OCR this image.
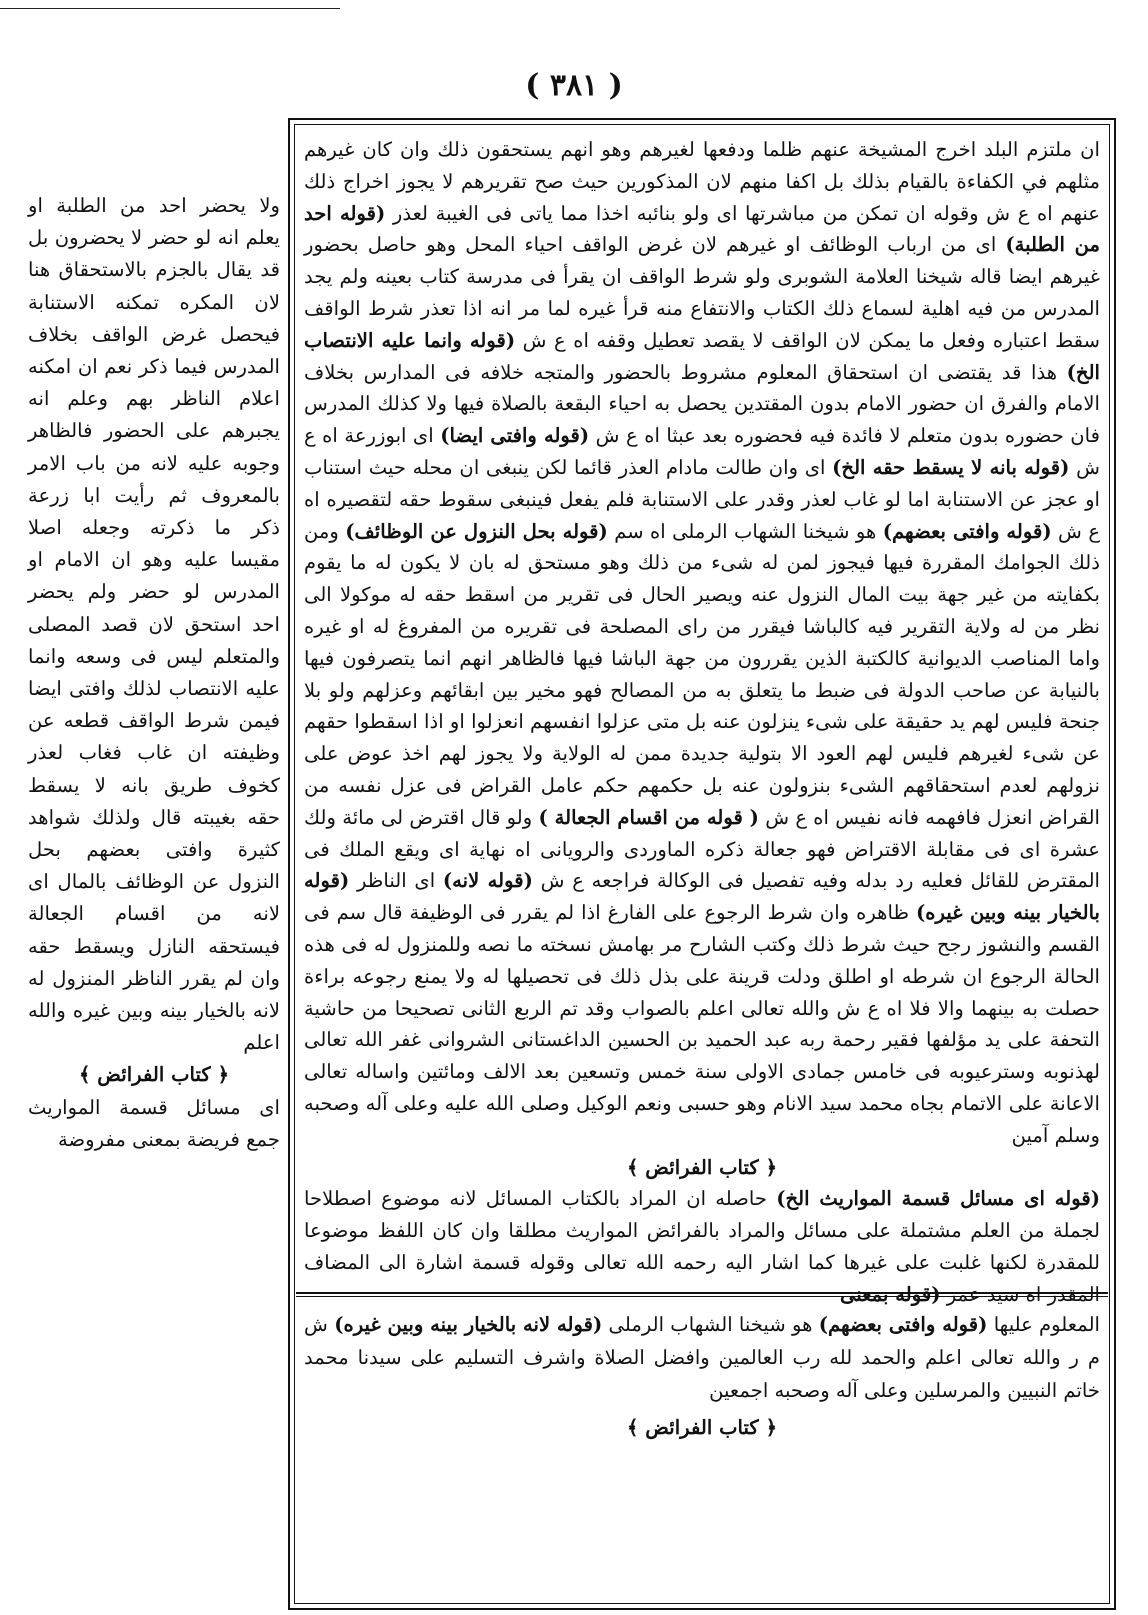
( ٣٨١ )

ولا يحضر احد من الطلبة او يعلم انه لو حضر لا يحضرون بل قد يقال بالجزم بالاستحقاق هنا لان المكره تمكنه الاستنابة فيحصل غرض الواقف بخلاف المدرس فيما ذكر نعم ان امكنه اعلام الناظر بهم وعلم انه يجبرهم على الحضور فالظاهر وجوبه عليه لانه من باب الامر بالمعروف ثم رأيت ابا زرعة ذكر ما ذكرته وجعله اصلا مقيسا عليه وهو ان الامام او المدرس لو حضر ولم يحضر احد استحق لان قصد المصلى والمتعلم ليس فى وسعه وانما عليه الانتصاب لذلك وافتى ايضا فيمن شرط الواقف قطعه عن وظيفته ان غاب فغاب لعذر كخوف طريق بانه لا يسقط حقه بغيبته قال ولذلك شواهد كثيرة وافتى بعضهم بحل النزول عن الوظائف بالمال اى لانه من اقسام الجعالة فيستحقه النازل ويسقط حقه وان لم يقرر الناظر المنزول له لانه بالخيار بينه وبين غيره والله اعلم

﴿ كتاب الفرائض ﴾

اى مسائل قسمة المواريث جمع فريضة بمعنى مفروضة

ان ملتزم البلد اخرج المشيخة عنهم ظلما ودفعها لغيرهم وهو انهم يستحقون ذلك وان كان غيرهم مثلهم في الكفاءة بالقيام بذلك بل اكفا منهم لان المذكورين حيث صح تقريرهم لا يجوز اخراج ذلك عنهم اه ع ش وقوله ان تمكن من مباشرتها اى ولو بنائبه اخذا مما ياتى فى الغيبة لعذر (قوله احد من الطلبة) اى من ارباب الوظائف او غيرهم لان غرض الواقف احياء المحل وهو حاصل بحضور غيرهم ايضا قاله شيخنا العلامة الشوبرى ولو شرط الواقف ان يقرأ فى مدرسة كتاب بعينه ولم يجد المدرس من فيه اهلية لسماع ذلك الكتاب والانتفاع منه قرأ غيره لما مر انه اذا تعذر شرط الواقف سقط اعتباره وفعل ما يمكن لان الواقف لا يقصد تعطيل وقفه اه ع ش (قوله وانما عليه الانتصاب الخ) هذا قد يقتضى ان استحقاق المعلوم مشروط بالحضور والمتجه خلافه فى المدارس بخلاف الامام والفرق ان حضور الامام بدون المقتدين يحصل به احياء البقعة بالصلاة فيها ولا كذلك المدرس فان حضوره بدون متعلم لا فائدة فيه فحضوره بعد عبثا اه ع ش (قوله وافتى ايضا) اى ابوزرعة اه ع ش (قوله بانه لا يسقط حقه الخ) اى وان طالت مادام العذر قائما لكن ينبغى ان محله حيث استناب او عجز عن الاستنابة اما لو غاب لعذر وقدر على الاستنابة فلم يفعل فينبغى سقوط حقه لتقصيره اه ع ش (قوله وافتى بعضهم) هو شيخنا الشهاب الرملى اه سم (قوله بحل النزول عن الوظائف) ومن ذلك الجوامك المقررة فيها فيجوز لمن له شىء من ذلك وهو مستحق له بان لا يكون له ما يقوم بكفايته من غير جهة بيت المال النزول عنه ويصير الحال فى تقرير من اسقط حقه له موكولا الى نظر من له ولاية التقرير فيه كالباشا فيقرر من راى المصلحة فى تقريره من المفروغ له او غيره واما المناصب الديوانية كالكتبة الذين يقررون من جهة الباشا فيها فالظاهر انهم انما يتصرفون فيها بالنيابة عن صاحب الدولة فى ضبط ما يتعلق به من المصالح فهو مخير بين ابقائهم وعزلهم ولو بلا جنحة فليس لهم يد حقيقة على شىء ينزلون عنه بل متى عزلوا انفسهم انعزلوا او اذا اسقطوا حقهم عن شىء لغيرهم فليس لهم العود الا بتولية جديدة ممن له الولاية ولا يجوز لهم اخذ عوض على نزولهم لعدم استحقاقهم الشىء بنزولون عنه بل حكمهم حكم عامل القراض فى عزل نفسه من القراض انعزل فافهمه فانه نفيس اه ع ش ( قوله من اقسام الجعالة ) ولو قال اقترض لى مائة ولك عشرة اى فى مقابلة الاقتراض فهو جعالة ذكره الماوردى والرويانى اه نهاية اى ويقع الملك فى المقترض للقائل فعليه رد بدله وفيه تفصيل فى الوكالة فراجعه ع ش (قوله لانه) اى الناظر (قوله بالخيار بينه وبين غيره) ظاهره وان شرط الرجوع على الفارغ اذا لم يقرر فى الوظيفة قال سم فى القسم والنشوز رجح حيث شرط ذلك وكتب الشارح مر بهامش نسخته ما نصه وللمنزول له فى هذه الحالة الرجوع ان شرطه او اطلق ودلت قرينة على بذل ذلك فى تحصيلها له ولا يمنع رجوعه براءة حصلت به بينهما والا فلا اه ع ش والله تعالى اعلم بالصواب وقد تم الربع الثانى تصحيحا من حاشية التحفة على يد مؤلفها فقير رحمة ربه عبد الحميد بن الحسين الداغستانى الشروانى غفر الله تعالى لهذنوبه وسترعيوبه فى خامس جمادى الاولى سنة خمس وتسعين بعد الالف ومائتين واساله تعالى الاعانة على الاتمام بجاه محمد سيد الانام وهو حسبى ونعم الوكيل وصلى الله عليه وعلى آله وصحبه وسلم آمين

﴿ كتاب الفرائض ﴾

(قوله اى مسائل قسمة المواريث الخ) حاصله ان المراد بالكتاب المسائل لانه موضوع اصطلاحا لجملة من العلم مشتملة على مسائل والمراد بالفرائض المواريث مطلقا وان كان اللفظ موضوعا للمقدرة لكنها غلبت على غيرها كما اشار اليه رحمه الله تعالى وقوله قسمة اشارة الى المضاف المقدر اه سيد عمر (قوله بمعنى

المعلوم عليها (قوله وافتى بعضهم) هو شيخنا الشهاب الرملى (قوله لانه بالخيار بينه وبين غيره) ش م ر والله تعالى اعلم والحمد لله رب العالمين وافضل الصلاة واشرف التسليم على سيدنا محمد خاتم النبيين والمرسلين وعلى آله وصحبه اجمعين

﴿ كتاب الفرائض ﴾
